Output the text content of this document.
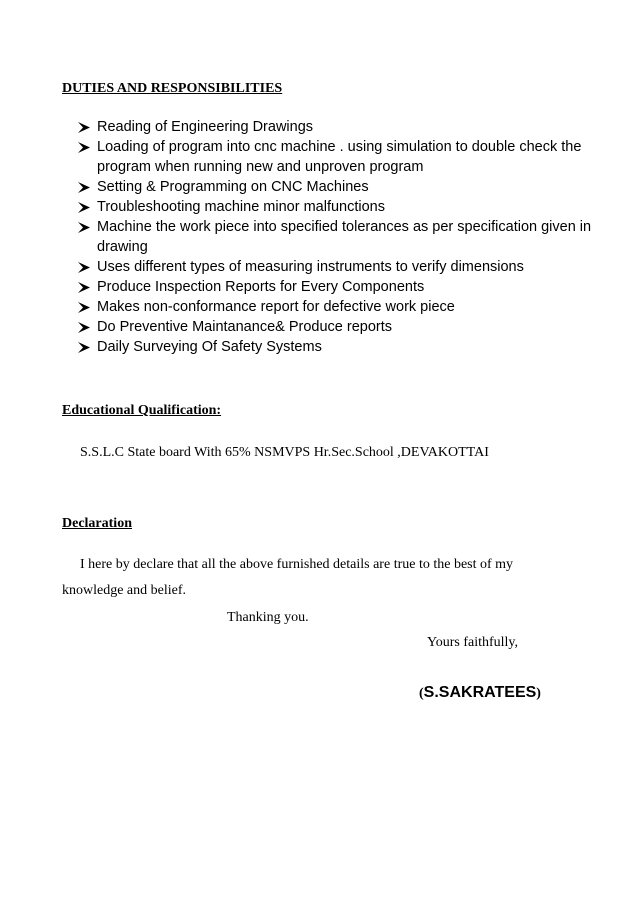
DUTIES AND RESPONSIBILITIES
Reading of Engineering Drawings
Loading of program into cnc machine . using simulation to double check the program when running new and unproven program
Setting & Programming on CNC Machines
Troubleshooting machine minor malfunctions
Machine the work piece into specified tolerances as per specification given in drawing
Uses different types of measuring instruments to verify dimensions
Produce Inspection Reports for Every Components
Makes non-conformance report for defective work piece
Do Preventive Maintanance& Produce reports
Daily Surveying Of Safety Systems
Educational Qualification:
S.S.L.C State board With 65% NSMVPS Hr.Sec.School ,DEVAKOTTAI
Declaration
I here by declare that all the above furnished details are true to the best of my
knowledge and belief.
Thanking you.
Yours faithfully,
(S.SAKRATEES)
